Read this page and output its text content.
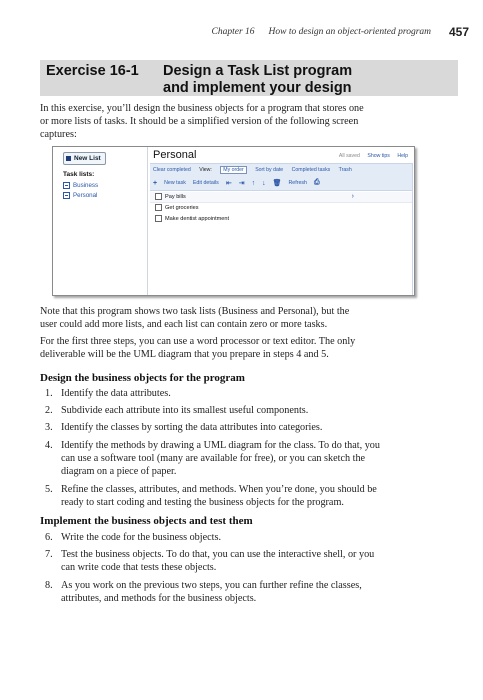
Chapter 16 How to design an object-oriented program 457
Exercise 16-1 Design a Task List program
and implement your design
In this exercise, you’ll design the business objects for a program that stores one
or more lists of tasks. It should be a simplified version of the following screen
captures:
New List
Task lists:
Business
Personal
Personal	All saved Show tips Help
Clear completed View: My order Sort by date Completed tasks Trash
+ New task Edit details ⇤ ⇥ ↑ ↓ 🗑 Refresh ⎙
›
Pay bills
Get groceries
Make dentist appointment
Note that this program shows two task lists (Business and Personal), but the
user could add more lists, and each list can contain zero or more tasks.
For the first three steps, you can use a word processor or text editor. The only
deliverable will be the UML diagram that you prepare in steps 4 and 5.
Design the business objects for the program
1. Identify the data attributes.
2. Subdivide each attribute into its smallest useful components.
3. Identify the classes by sorting the data attributes into categories.
4. Identify the methods by drawing a UML diagram for the class. To do that, you
can use a software tool (many are available for free), or you can sketch the
diagram on a piece of paper.
5. Refine the classes, attributes, and methods. When you’re done, you should be
ready to start coding and testing the business objects for the program.
Implement the business objects and test them
6. Write the code for the business objects.
7. Test the business objects. To do that, you can use the interactive shell, or you
can write code that tests these objects.
8. As you work on the previous two steps, you can further refine the classes,
attributes, and methods for the business objects.
